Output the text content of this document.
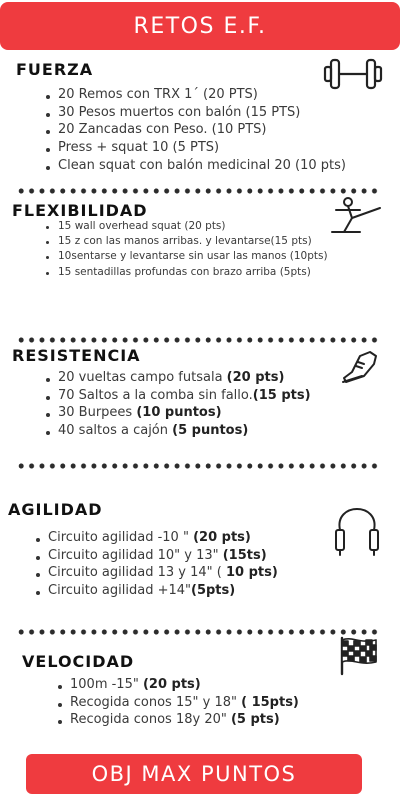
RETOS E.F.
FUERZA
20 Remos con TRX 1´ (20 PTS)
30 Pesos muertos con balón (15 PTS)
20 Zancadas con Peso. (10 PTS)
Press + squat 10 (5 PTS)
Clean squat con balón medicinal 20 (10 pts)
FLEXIBILIDAD
15 wall overhead squat (20 pts)
15 z con las manos arribas. y levantarse(15 pts)
10sentarse y levantarse sin usar las manos (10pts)
15 sentadillas profundas con brazo arriba (5pts)
RESISTENCIA
20 vueltas campo futsala (20 pts)
70 Saltos a la comba sin fallo.(15 pts)
30 Burpees (10 puntos)
40 saltos a cajón (5 puntos)
AGILIDAD
Circuito agilidad -10 " (20 pts)
Circuito agilidad 10" y 13" (15ts)
Circuito agilidad 13 y 14" ( 10 pts)
Circuito agilidad +14"(5pts)
VELOCIDAD
100m -15" (20 pts)
Recogida conos 15" y 18" ( 15pts)
Recogida conos 18y 20" (5 pts)
OBJ MAX PUNTOS
